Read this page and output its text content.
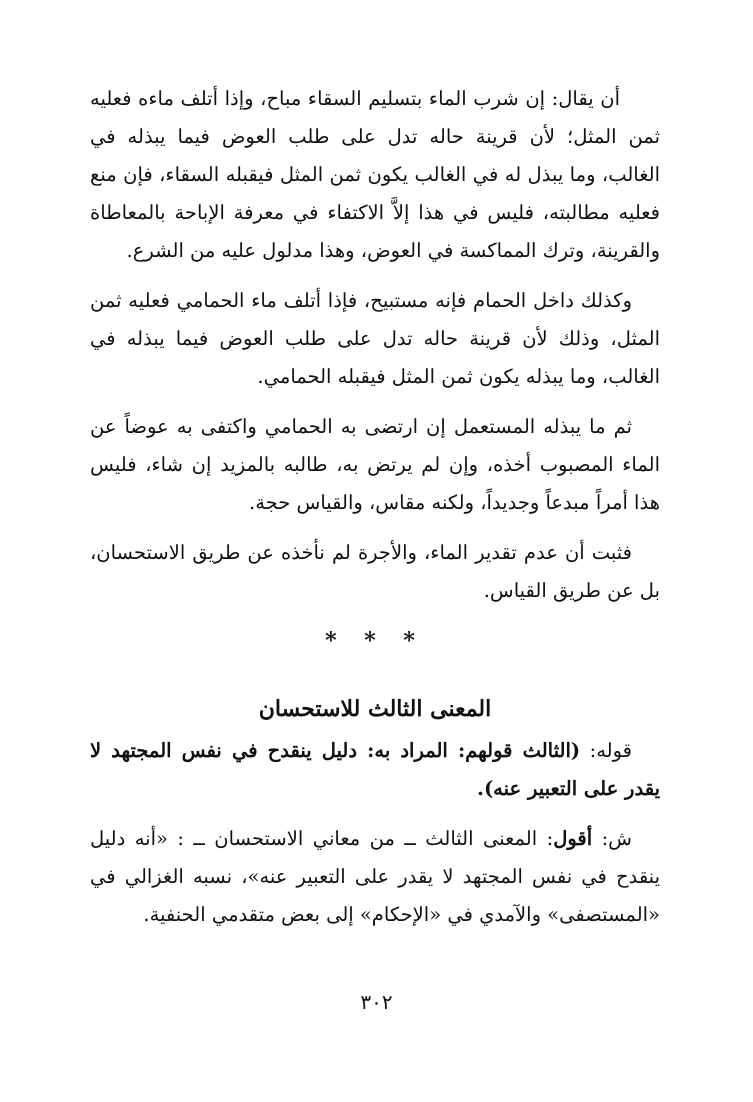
أن يقال: إن شرب الماء بتسليم السقاء مباح، وإذا أتلف ماءه فعليه ثمن المثل؛ لأن قرينة حاله تدل على طلب العوض فيما يبذله في الغالب، وما يبذل له في الغالب يكون ثمن المثل فيقبله السقاء، فإن منع فعليه مطالبته، فليس في هذا إلاَّ الاكتفاء في معرفة الإباحة بالمعاطاة والقرينة، وترك المماكسة في العوض، وهذا مدلول عليه من الشرع.

وكذلك داخل الحمام فإنه مستبيح، فإذا أتلف ماء الحمامي فعليه ثمن المثل، وذلك لأن قرينة حاله تدل على طلب العوض فيما يبذله في الغالب، وما يبذله يكون ثمن المثل فيقبله الحمامي.

ثم ما يبذله المستعمل إن ارتضى به الحمامي واكتفى به عوضاً عن الماء المصبوب أخذه، وإن لم يرتض به، طالبه بالمزيد إن شاء، فليس هذا أمراً مبدعاً وجديداً، ولكنه مقاس، والقياس حجة.

فثبت أن عدم تقدير الماء، والأجرة لم نأخذه عن طريق الاستحسان، بل عن طريق القياس.

* * *
المعنى الثالث للاستحسان

قوله: (الثالث قولهم: المراد به: دليل ينقدح في نفس المجتهد لا يقدر على التعبير عنه).

ش: أقول: المعنى الثالث ــ من معاني الاستحسان ــ : «أنه دليل ينقدح في نفس المجتهد لا يقدر على التعبير عنه»، نسبه الغزالي في «المستصفى» والآمدي في «الإحكام» إلى بعض متقدمي الحنفية.

٣٠٢
